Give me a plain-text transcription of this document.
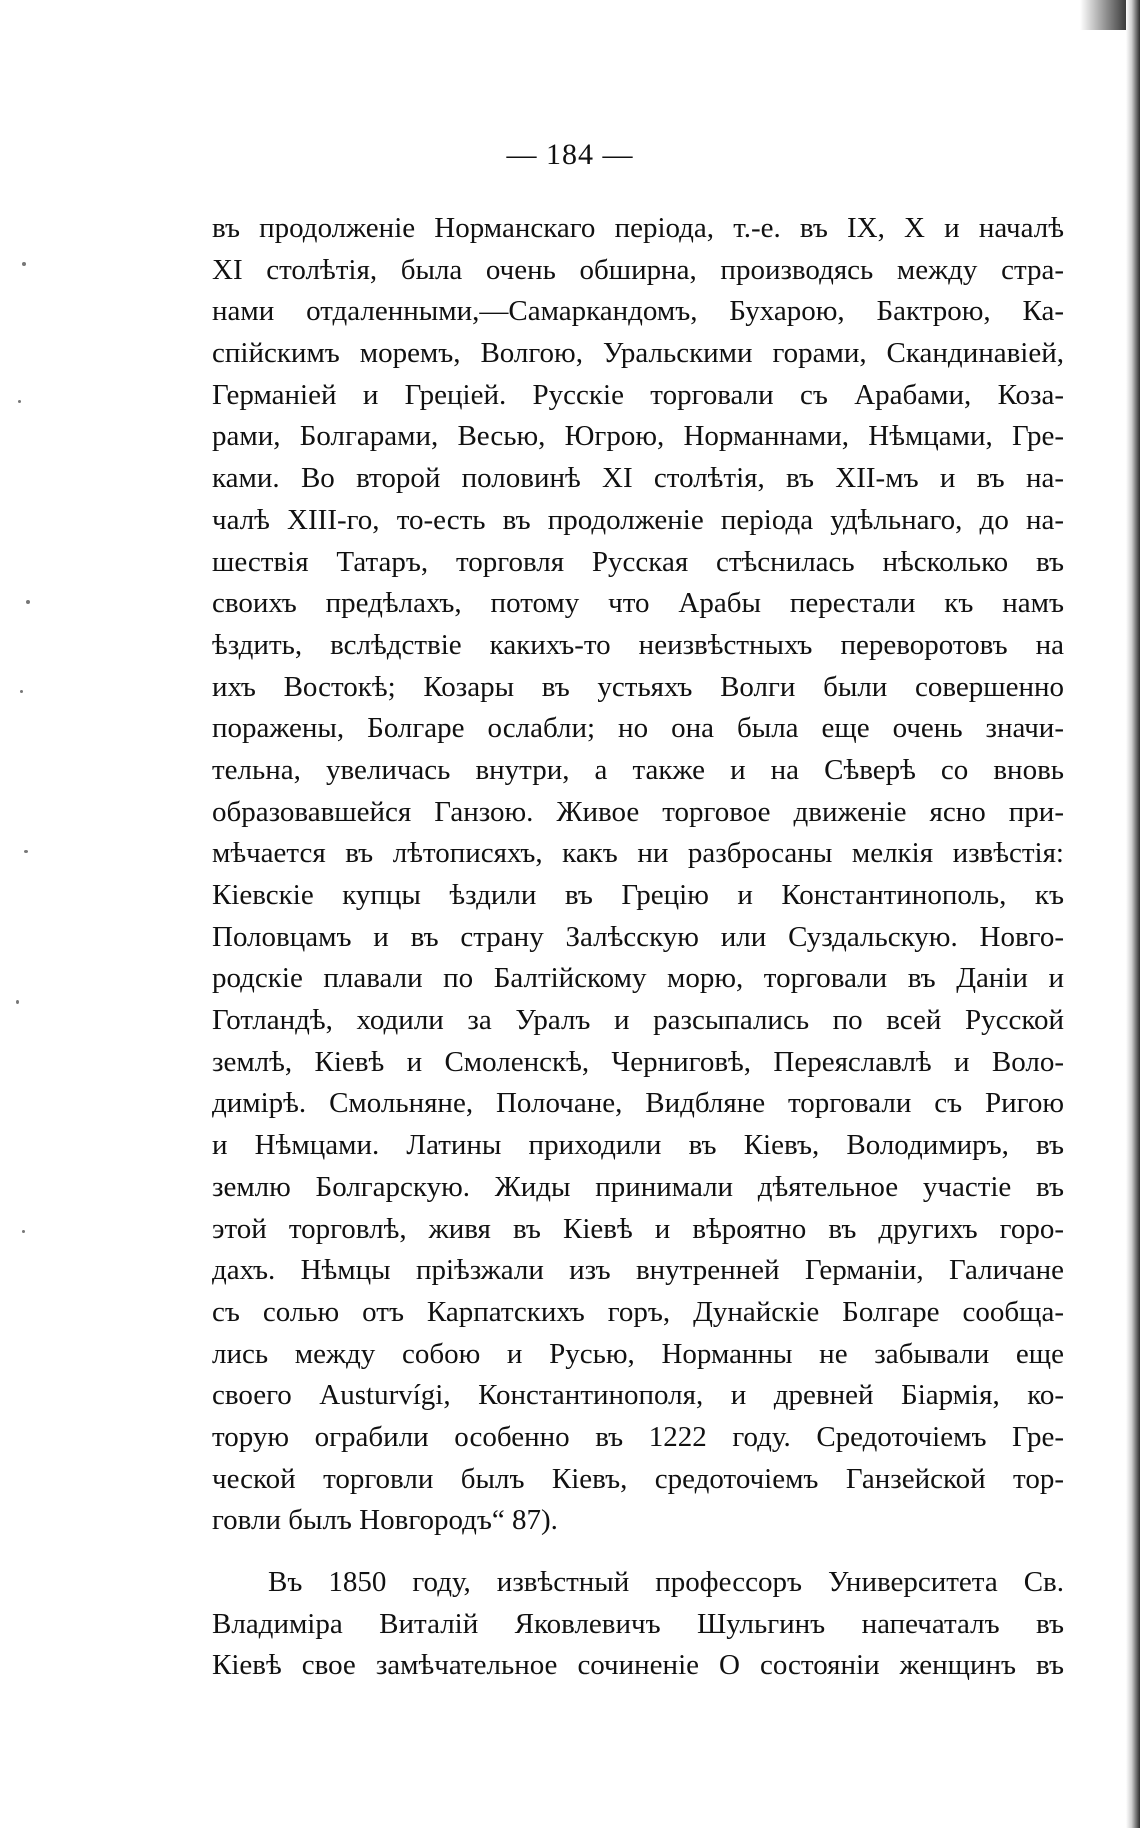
— 184 —
въ продолженіе Норманскаго періода, т.-е. въ IX, X и началѣ
XI столѣтія, была очень обширна, производясь между стра-
нами отдаленными,—Самаркандомъ, Бухарою, Бактрою, Ка-
спійскимъ моремъ, Волгою, Уральскими горами, Скандинавіей,
Германіей и Греціей. Русскіе торговали съ Арабами, Коза-
рами, Болгарами, Весью, Югрою, Норманнами, Нѣмцами, Гре-
ками. Во второй половинѣ XI столѣтія, въ XII-мъ и въ на-
чалѣ XIII-го, то-есть въ продолженіе періода удѣльнаго, до на-
шествія Татаръ, торговля Русская стѣснилась нѣсколько въ
своихъ предѣлахъ, потому что Арабы перестали къ намъ
ѣздить, вслѣдствіе какихъ-то неизвѣстныхъ переворотовъ на
ихъ Востокѣ; Козары въ устьяхъ Волги были совершенно
поражены, Болгаре ослабли; но она была еще очень значи-
тельна, увеличась внутри, а также и на Сѣверѣ со вновь
образовавшейся Ганзою. Живое торговое движеніе ясно при-
мѣчается въ лѣтописяхъ, какъ ни разбросаны мелкія извѣстія:
Кіевскіе купцы ѣздили въ Грецію и Константинополь, къ
Половцамъ и въ страну Залѣсскую или Суздальскую. Новго-
родскіе плавали по Балтійскому морю, торговали въ Даніи и
Готландѣ, ходили за Уралъ и разсыпались по всей Русской
землѣ, Кіевѣ и Смоленскѣ, Черниговѣ, Переяславлѣ и Воло-
димірѣ. Смольняне, Полочане, Видбляне торговали съ Ригою
и Нѣмцами. Латины приходили въ Кіевъ, Володимиръ, въ
землю Болгарскую. Жиды принимали дѣятельное участіе въ
этой торговлѣ, живя въ Кіевѣ и вѣроятно въ другихъ горо-
дахъ. Нѣмцы пріѣзжали изъ внутренней Германіи, Галичане
съ солью отъ Карпатскихъ горъ, Дунайскіе Болгаре сообща-
лись между собою и Русью, Норманны не забывали еще
своего Austurvígi, Константинополя, и древней Біармія, ко-
торую ограбили особенно въ 1222 году. Средоточіемъ Гре-
ческой торговли былъ Кіевъ, средоточіемъ Ганзейской тор-
говли былъ Новгородъ“ 87).
Въ 1850 году, извѣстный профессоръ Университета Св.
Владиміра Виталій Яковлевичъ Шульгинъ напечаталъ въ
Кіевѣ свое замѣчательное сочиненіе О состояніи женщинъ въ
